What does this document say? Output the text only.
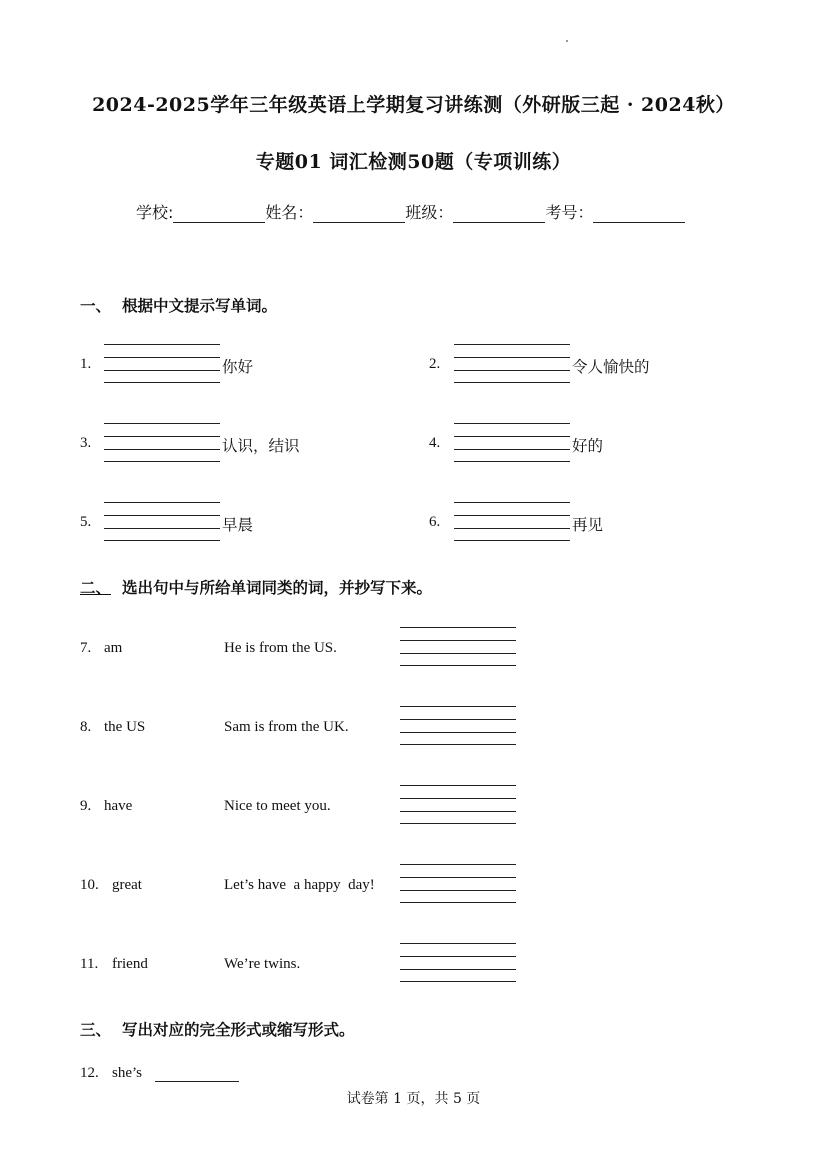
2024-2025学年三年级英语上学期复习讲练测（外研版三起 · 2024秋）
专题01 词汇检测50题（专项训练）
学校:	姓名：	班级：	考号：
一、 根据中文提示写单词。
1.	你好	2.	令人愉快的
3.	认识，结识	4.	好的
5.	早晨	6.	再见
二、 选出句中与所给单词同类的词，并抄写下来。
7. am	He is from the US.
8. the US	Sam is from the UK.
9. have	Nice to meet you.
10. great	Let’s have  a happy  day!
11. friend	We’re twins.
三、 写出对应的完全形式或缩写形式。
12. she’s
试卷第 1 页，共 5 页
